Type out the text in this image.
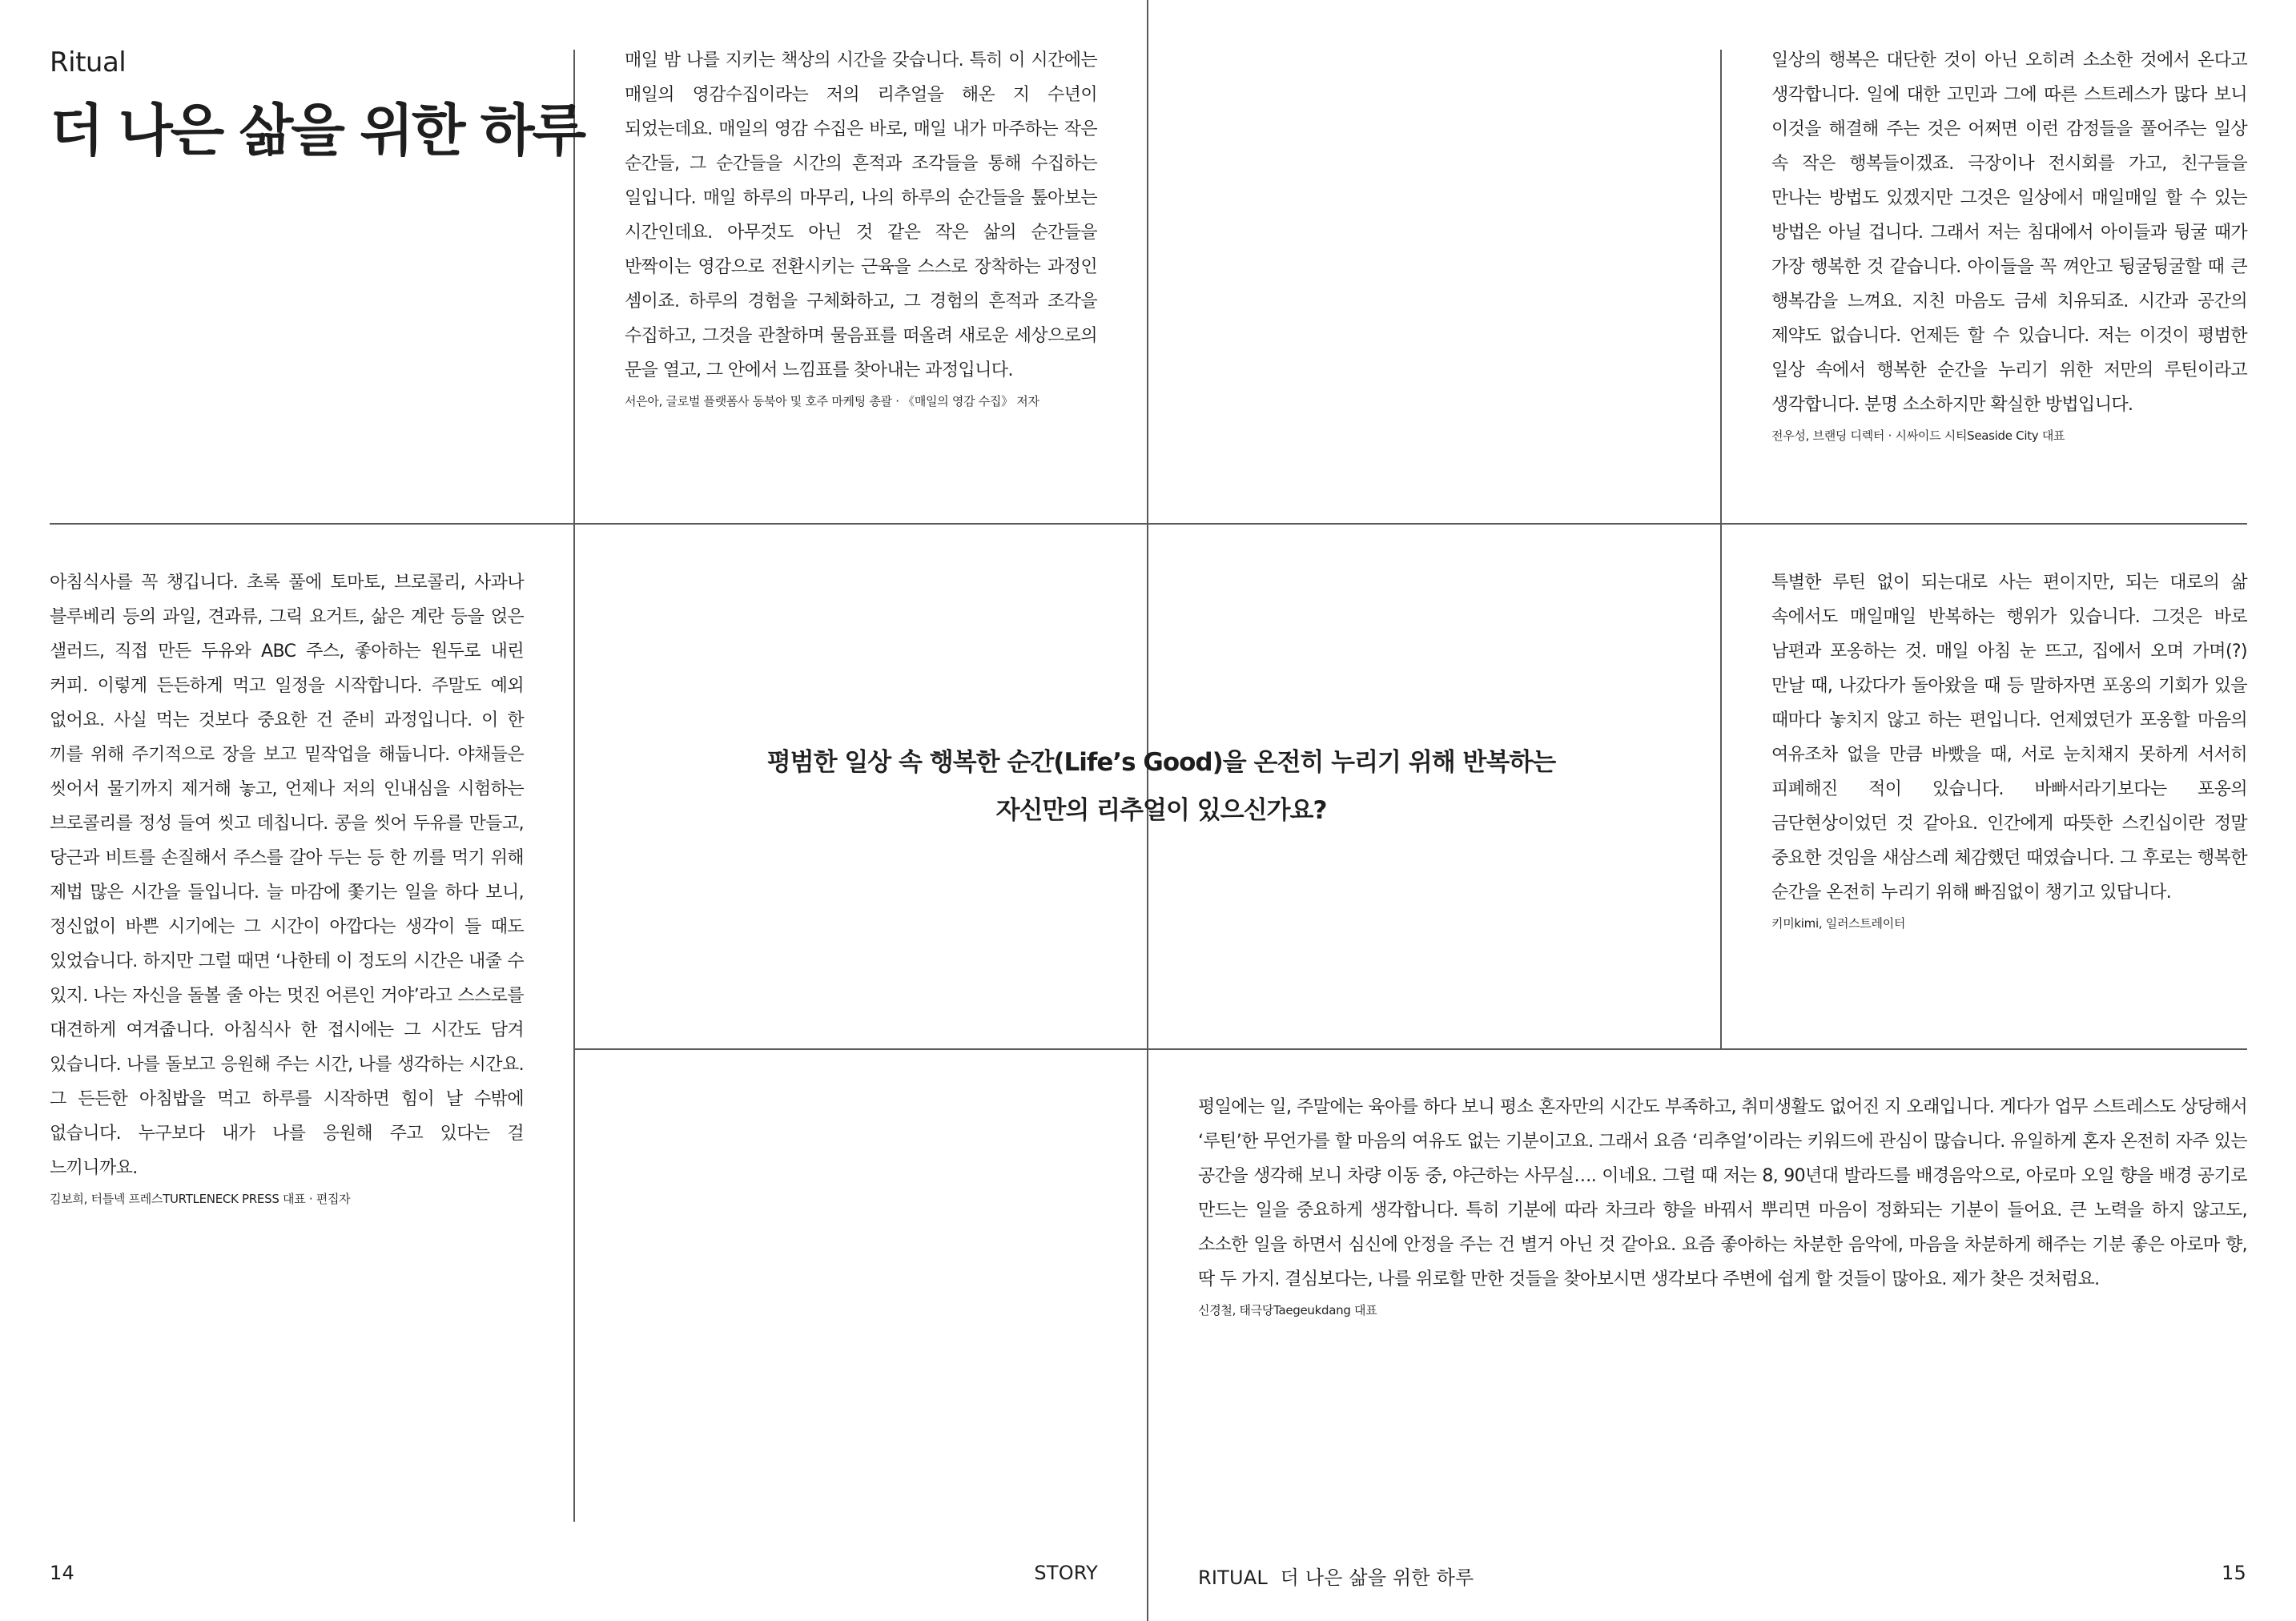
Ritual
더 나은 삶을 위한 하루

매일 밤 나를 지키는 책상의 시간을 갖습니다. 특히 이 시간에는 매일의 영감수집이라는 저의 리추얼을 해온 지 수년이 되었는데요. 매일의 영감 수집은 바로, 매일 내가 마주하는 작은 순간들, 그 순간들을 시간의 흔적과 조각들을 통해 수집하는 일입니다. 매일 하루의 마무리, 나의 하루의 순간들을 톺아보는 시간인데요. 아무것도 아닌 것 같은 작은 삶의 순간들을 반짝이는 영감으로 전환시키는 근육을 스스로 장착하는 과정인 셈이죠. 하루의 경험을 구체화하고, 그 경험의 흔적과 조각을 수집하고, 그것을 관찰하며 물음표를 떠올려 새로운 세상으로의 문을 열고, 그 안에서 느낌표를 찾아내는 과정입니다.

서은아, 글로벌 플랫폼사 동북아 및 호주 마케팅 총괄 · 《매일의 영감 수집》 저자

일상의 행복은 대단한 것이 아닌 오히려 소소한 것에서 온다고 생각합니다. 일에 대한 고민과 그에 따른 스트레스가 많다 보니 이것을 해결해 주는 것은 어쩌면 이런 감정들을 풀어주는 일상 속 작은 행복들이겠죠. 극장이나 전시회를 가고, 친구들을 만나는 방법도 있겠지만 그것은 일상에서 매일매일 할 수 있는 방법은 아닐 겁니다. 그래서 저는 침대에서 아이들과 뒹굴 때가 가장 행복한 것 같습니다. 아이들을 꼭 껴안고 뒹굴뒹굴할 때 큰 행복감을 느껴요. 지친 마음도 금세 치유되죠. 시간과 공간의 제약도 없습니다. 언제든 할 수 있습니다. 저는 이것이 평범한 일상 속에서 행복한 순간을 누리기 위한 저만의 루틴이라고 생각합니다. 분명 소소하지만 확실한 방법입니다.

전우성, 브랜딩 디렉터 · 시싸이드 시티Seaside City 대표

아침식사를 꼭 챙깁니다. 초록 풀에 토마토, 브로콜리, 사과나 블루베리 등의 과일, 견과류, 그릭 요거트, 삶은 계란 등을 얹은 샐러드, 직접 만든 두유와 ABC 주스, 좋아하는 원두로 내린 커피. 이렇게 든든하게 먹고 일정을 시작합니다. 주말도 예외 없어요. 사실 먹는 것보다 중요한 건 준비 과정입니다. 이 한 끼를 위해 주기적으로 장을 보고 밑작업을 해둡니다. 야채들은 씻어서 물기까지 제거해 놓고, 언제나 저의 인내심을 시험하는 브로콜리를 정성 들여 씻고 데칩니다. 콩을 씻어 두유를 만들고, 당근과 비트를 손질해서 주스를 갈아 두는 등 한 끼를 먹기 위해 제법 많은 시간을 들입니다. 늘 마감에 쫓기는 일을 하다 보니, 정신없이 바쁜 시기에는 그 시간이 아깝다는 생각이 들 때도 있었습니다. 하지만 그럴 때면 ‘나한테 이 정도의 시간은 내줄 수 있지. 나는 자신을 돌볼 줄 아는 멋진 어른인 거야’라고 스스로를 대견하게 여겨줍니다. 아침식사 한 접시에는 그 시간도 담겨 있습니다. 나를 돌보고 응원해 주는 시간, 나를 생각하는 시간요. 그 든든한 아침밥을 먹고 하루를 시작하면 힘이 날 수밖에 없습니다. 누구보다 내가 나를 응원해 주고 있다는 걸 느끼니까요.

김보희, 터틀넥 프레스TURTLENECK PRESS 대표 · 편집자
평범한 일상 속 행복한 순간(Life’s Good)을 온전히 누리기 위해 반복하는
자신만의 리추얼이 있으신가요?

특별한 루틴 없이 되는대로 사는 편이지만, 되는 대로의 삶 속에서도 매일매일 반복하는 행위가 있습니다. 그것은 바로 남편과 포옹하는 것. 매일 아침 눈 뜨고, 집에서 오며 가며(?) 만날 때, 나갔다가 돌아왔을 때 등 말하자면 포옹의 기회가 있을 때마다 놓치지 않고 하는 편입니다. 언제였던가 포옹할 마음의 여유조차 없을 만큼 바빴을 때, 서로 눈치채지 못하게 서서히 피폐해진 적이 있습니다. 바빠서라기보다는 포옹의 금단현상이었던 것 같아요. 인간에게 따뜻한 스킨십이란 정말 중요한 것임을 새삼스레 체감했던 때였습니다. 그 후로는 행복한 순간을 온전히 누리기 위해 빠짐없이 챙기고 있답니다.

키미kimi, 일러스트레이터

평일에는 일, 주말에는 육아를 하다 보니 평소 혼자만의 시간도 부족하고, 취미생활도 없어진 지 오래입니다. 게다가 업무 스트레스도 상당해서 ‘루틴’한 무언가를 할 마음의 여유도 없는 기분이고요. 그래서 요즘 ‘리추얼’이라는 키워드에 관심이 많습니다. 유일하게 혼자 온전히 자주 있는 공간을 생각해 보니 차량 이동 중, 야근하는 사무실…. 이네요. 그럴 때 저는 8, 90년대 발라드를 배경음악으로, 아로마 오일 향을 배경 공기로 만드는 일을 중요하게 생각합니다. 특히 기분에 따라 차크라 향을 바꿔서 뿌리면 마음이 정화되는 기분이 들어요. 큰 노력을 하지 않고도, 소소한 일을 하면서 심신에 안정을 주는 건 별거 아닌 것 같아요. 요즘 좋아하는 차분한 음악에, 마음을 차분하게 해주는 기분 좋은 아로마 향, 딱 두 가지. 결심보다는, 나를 위로할 만한 것들을 찾아보시면 생각보다 주변에 쉽게 할 것들이 많아요. 제가 찾은 것처럼요.

신경철, 태극당Taegeukdang 대표
14	STORY	RITUAL  더 나은 삶을 위한 하루	15
